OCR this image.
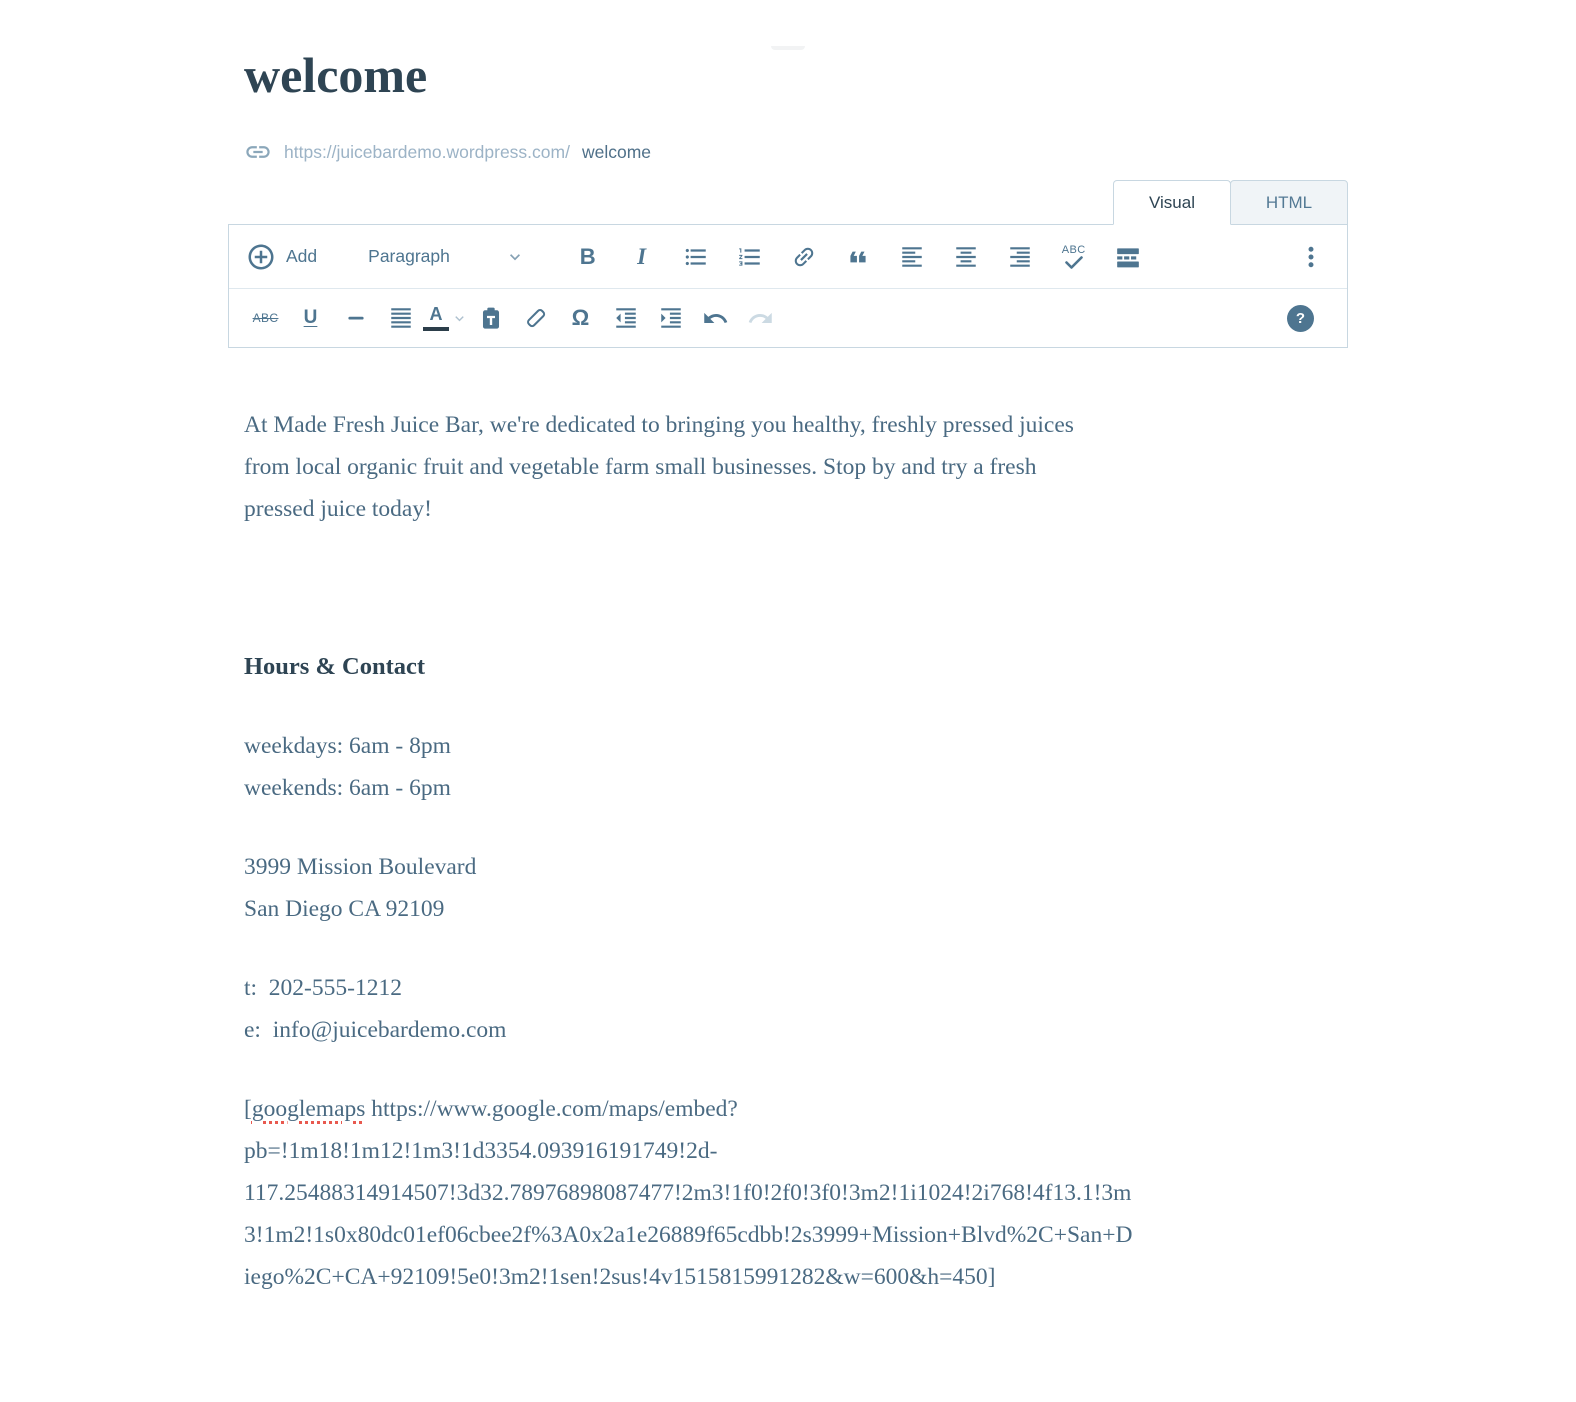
welcome
https://juicebardemo.wordpress.com/ welcome
Visual	HTML
Add	Paragraph	B I	ABC
ABC U	A	Ω	?

At Made Fresh Juice Bar, we're dedicated to bringing you healthy, freshly pressed juices
from local organic fruit and vegetable farm small businesses. Stop by and try a fresh
pressed juice today!

Hours & Contact

weekdays: 6am - 8pm
weekends: 6am - 6pm

3999 Mission Boulevard
San Diego CA 92109

t:  202-555-1212
e:  info@juicebardemo.com

[googlemaps https://www.google.com/maps/embed?
pb=!1m18!1m12!1m3!1d3354.093916191749!2d-
117.25488314914507!3d32.78976898087477!2m3!1f0!2f0!3f0!3m2!1i1024!2i768!4f13.1!3m
3!1m2!1s0x80dc01ef06cbee2f%3A0x2a1e26889f65cdbb!2s3999+Mission+Blvd%2C+San+D
iego%2C+CA+92109!5e0!3m2!1sen!2sus!4v1515815991282&w=600&h=450]
